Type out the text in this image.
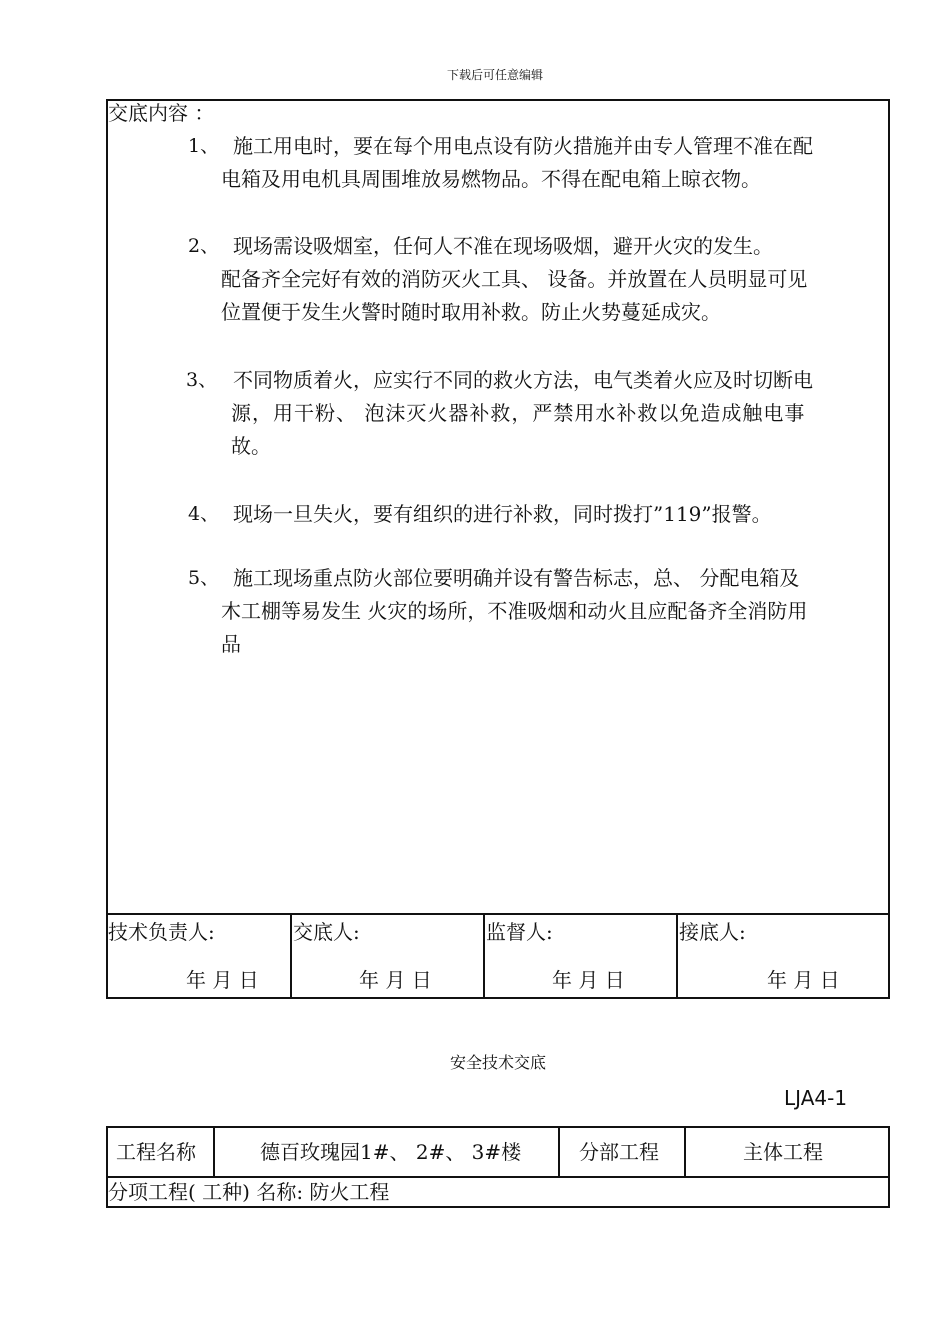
下载后可任意编辑
交底内容 ：
1、 施工用电时，要在每个用电点设有防火措施并由专人管理不准在配
电箱及用电机具周围堆放易燃物品。不得在配电箱上晾衣物。
2、 现场需设吸烟室，任何人不准在现场吸烟，避开火灾的发生。
配备齐全完好有效的消防灭火工具、 设备。并放置在人员明显可见
位置便于发生火警时随时取用补救。防止火势蔓延成灾。
3、 不同物质着火，应实行不同的救火方法，电气类着火应及时切断电
源，用干粉、 泡沫灭火器补救，严禁用水补救以免造成触电事
故。
4、 现场一旦失火，要有组织的进行补救，同时拨打”119”报警。
5、 施工现场重点防火部位要明确并设有警告标志，总、 分配电箱及
木工棚等易发生 火灾的场所，不准吸烟和动火且应配备齐全消防用
品
技术负责人:
年 月 日
交底人:
年 月 日
监督人:
年 月 日
接底人:
年 月 日
安全技术交底
LJA4-1
工程名称	德百玫瑰园1#、 2#、 3#楼	分部工程	主体工程
分项工程( 工种) 名称: 防火工程
